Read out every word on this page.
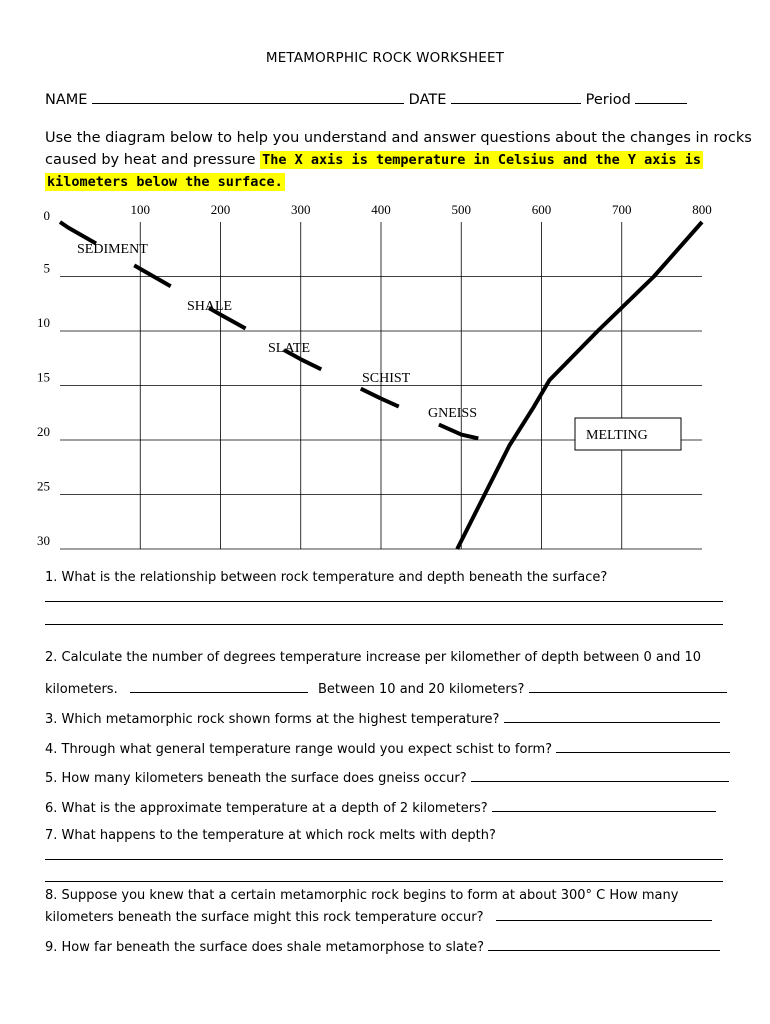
METAMORPHIC ROCK WORKSHEET
NAME	DATE	Period
Use the diagram below to help you understand and answer questions about the changes in rocks
caused by heat and pressure The X axis is temperature in Celsius and the Y axis is
kilometers below the surface.
100	200	300	400	500	600	700	800
0
5
10
15
20
25
30
SEDIMENT
SHALE
SLATE
SCHIST
GNEISS
MELTING
1. What is the relationship between rock temperature and depth beneath the surface?
2. Calculate the number of degrees temperature increase per kilomether of depth between 0 and 10
kilometers.	Between 10 and 20 kilometers?
3. Which metamorphic rock shown forms at the highest temperature?
4. Through what general temperature range would you expect schist to form?
5. How many kilometers beneath the surface does gneiss occur?
6. What is the approximate temperature at a depth of 2 kilometers?
7. What happens to the temperature at which rock melts with depth?
8. Suppose you knew that a certain metamorphic rock begins to form at about 300° C How many
kilometers beneath the surface might this rock temperature occur?
9. How far beneath the surface does shale metamorphose to slate?
